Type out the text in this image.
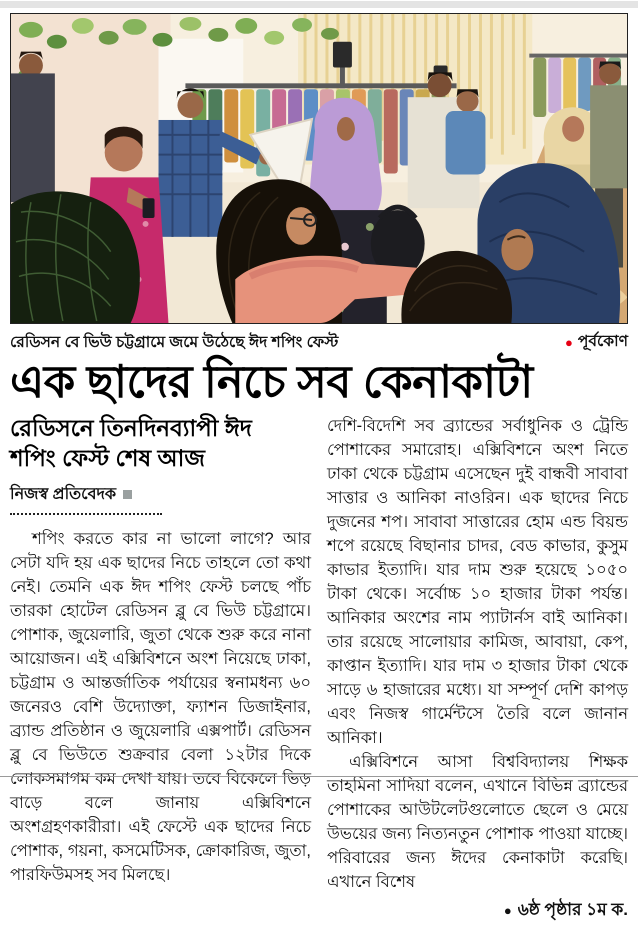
রেডিসন বে ভিউ চট্টগ্রামে জমে উঠেছে ঈদ শপিং ফেস্ট	● পূর্বকোণ
এক ছাদের নিচে সব কেনাকাটা
রেডিসনে তিনদিনব্যাপী ঈদ
শপিং ফেস্ট শেষ আজ
নিজস্ব প্রতিবেদক

শপিং করতে কার না ভালো লাগে? আর সেটা যদি হয় এক ছাদের নিচে তাহলে তো কথা নেই। তেমনি এক ঈদ শপিং ফেস্ট চলছে পাঁচ তারকা হোটেল রেডিসন ব্লু বে ভিউ চট্টগ্রামে। পোশাক, জুয়েলারি, জুতা থেকে শুরু করে নানা আয়োজন। এই এক্সিবিশনে অংশ নিয়েছে ঢাকা, চট্টগ্রাম ও আন্তর্জাতিক পর্যায়ের স্বনামধন্য ৬০ জনেরও বেশি উদ্যোক্তা, ফ্যাশন ডিজাইনার, ব্র্যান্ড প্রতিষ্ঠান ও জুয়েলারি এক্সপার্ট। রেডিসন ব্লু বে ভিউতে শুক্রবার বেলা ১২টার দিকে লোকসমাগম কম দেখা যায়। তবে বিকেলে ভিড় বাড়ে বলে জানায় এক্সিবিশনে অংশগ্রহণকারীরা। এই ফেস্টে এক ছাদের নিচে পোশাক, গয়না, কসমেটিসক, ক্রোকারিজ, জুতা, পারফিউমসহ সব মিলছে।

দেশি-বিদেশি সব ব্র্যান্ডের সর্বাধুনিক ও ট্রেন্ডি পোশাকের সমারোহ। এক্সিবিশনে অংশ নিতে ঢাকা থেকে চট্টগ্রাম এসেছেন দুই বান্ধবী সাবাবা সাত্তার ও আনিকা নাওরিন। এক ছাদের নিচে দুজনের শপ। সাবাবা সাত্তারের হোম এন্ড বিয়ন্ড শপে রয়েছে বিছানার চাদর, বেড কাভার, কুসুম কাভার ইত্যাদি। যার দাম শুরু হয়েছে ১০৫০ টাকা থেকে। সর্বোচ্চ ১০ হাজার টাকা পর্যন্ত। আনিকার অংশের নাম প্যাটার্নস বাই আনিকা। তার রয়েছে সালোয়ার কামিজ, আবায়া, কেপ, কাপ্তান ইত্যাদি। যার দাম ৩ হাজার টাকা থেকে সাড়ে ৬ হাজারের মধ্যে। যা সম্পূর্ণ দেশি কাপড় এবং নিজস্ব গার্মেন্টসে তৈরি বলে জানান আনিকা।

এক্সিবিশনে আসা বিশ্ববিদ্যালয় শিক্ষক তাহমিনা সাদিয়া বলেন, এখানে বিভিন্ন ব্র্যান্ডের পোশাকের আউটলেটগুলোতে ছেলে ও মেয়ে উভয়ের জন্য নিত্যনতুন পোশাক পাওয়া যাচ্ছে। পরিবারের জন্য ঈদের কেনাকাটা করেছি। এখানে বিশেষ

● ৬ষ্ঠ পৃষ্ঠার ১ম ক.
